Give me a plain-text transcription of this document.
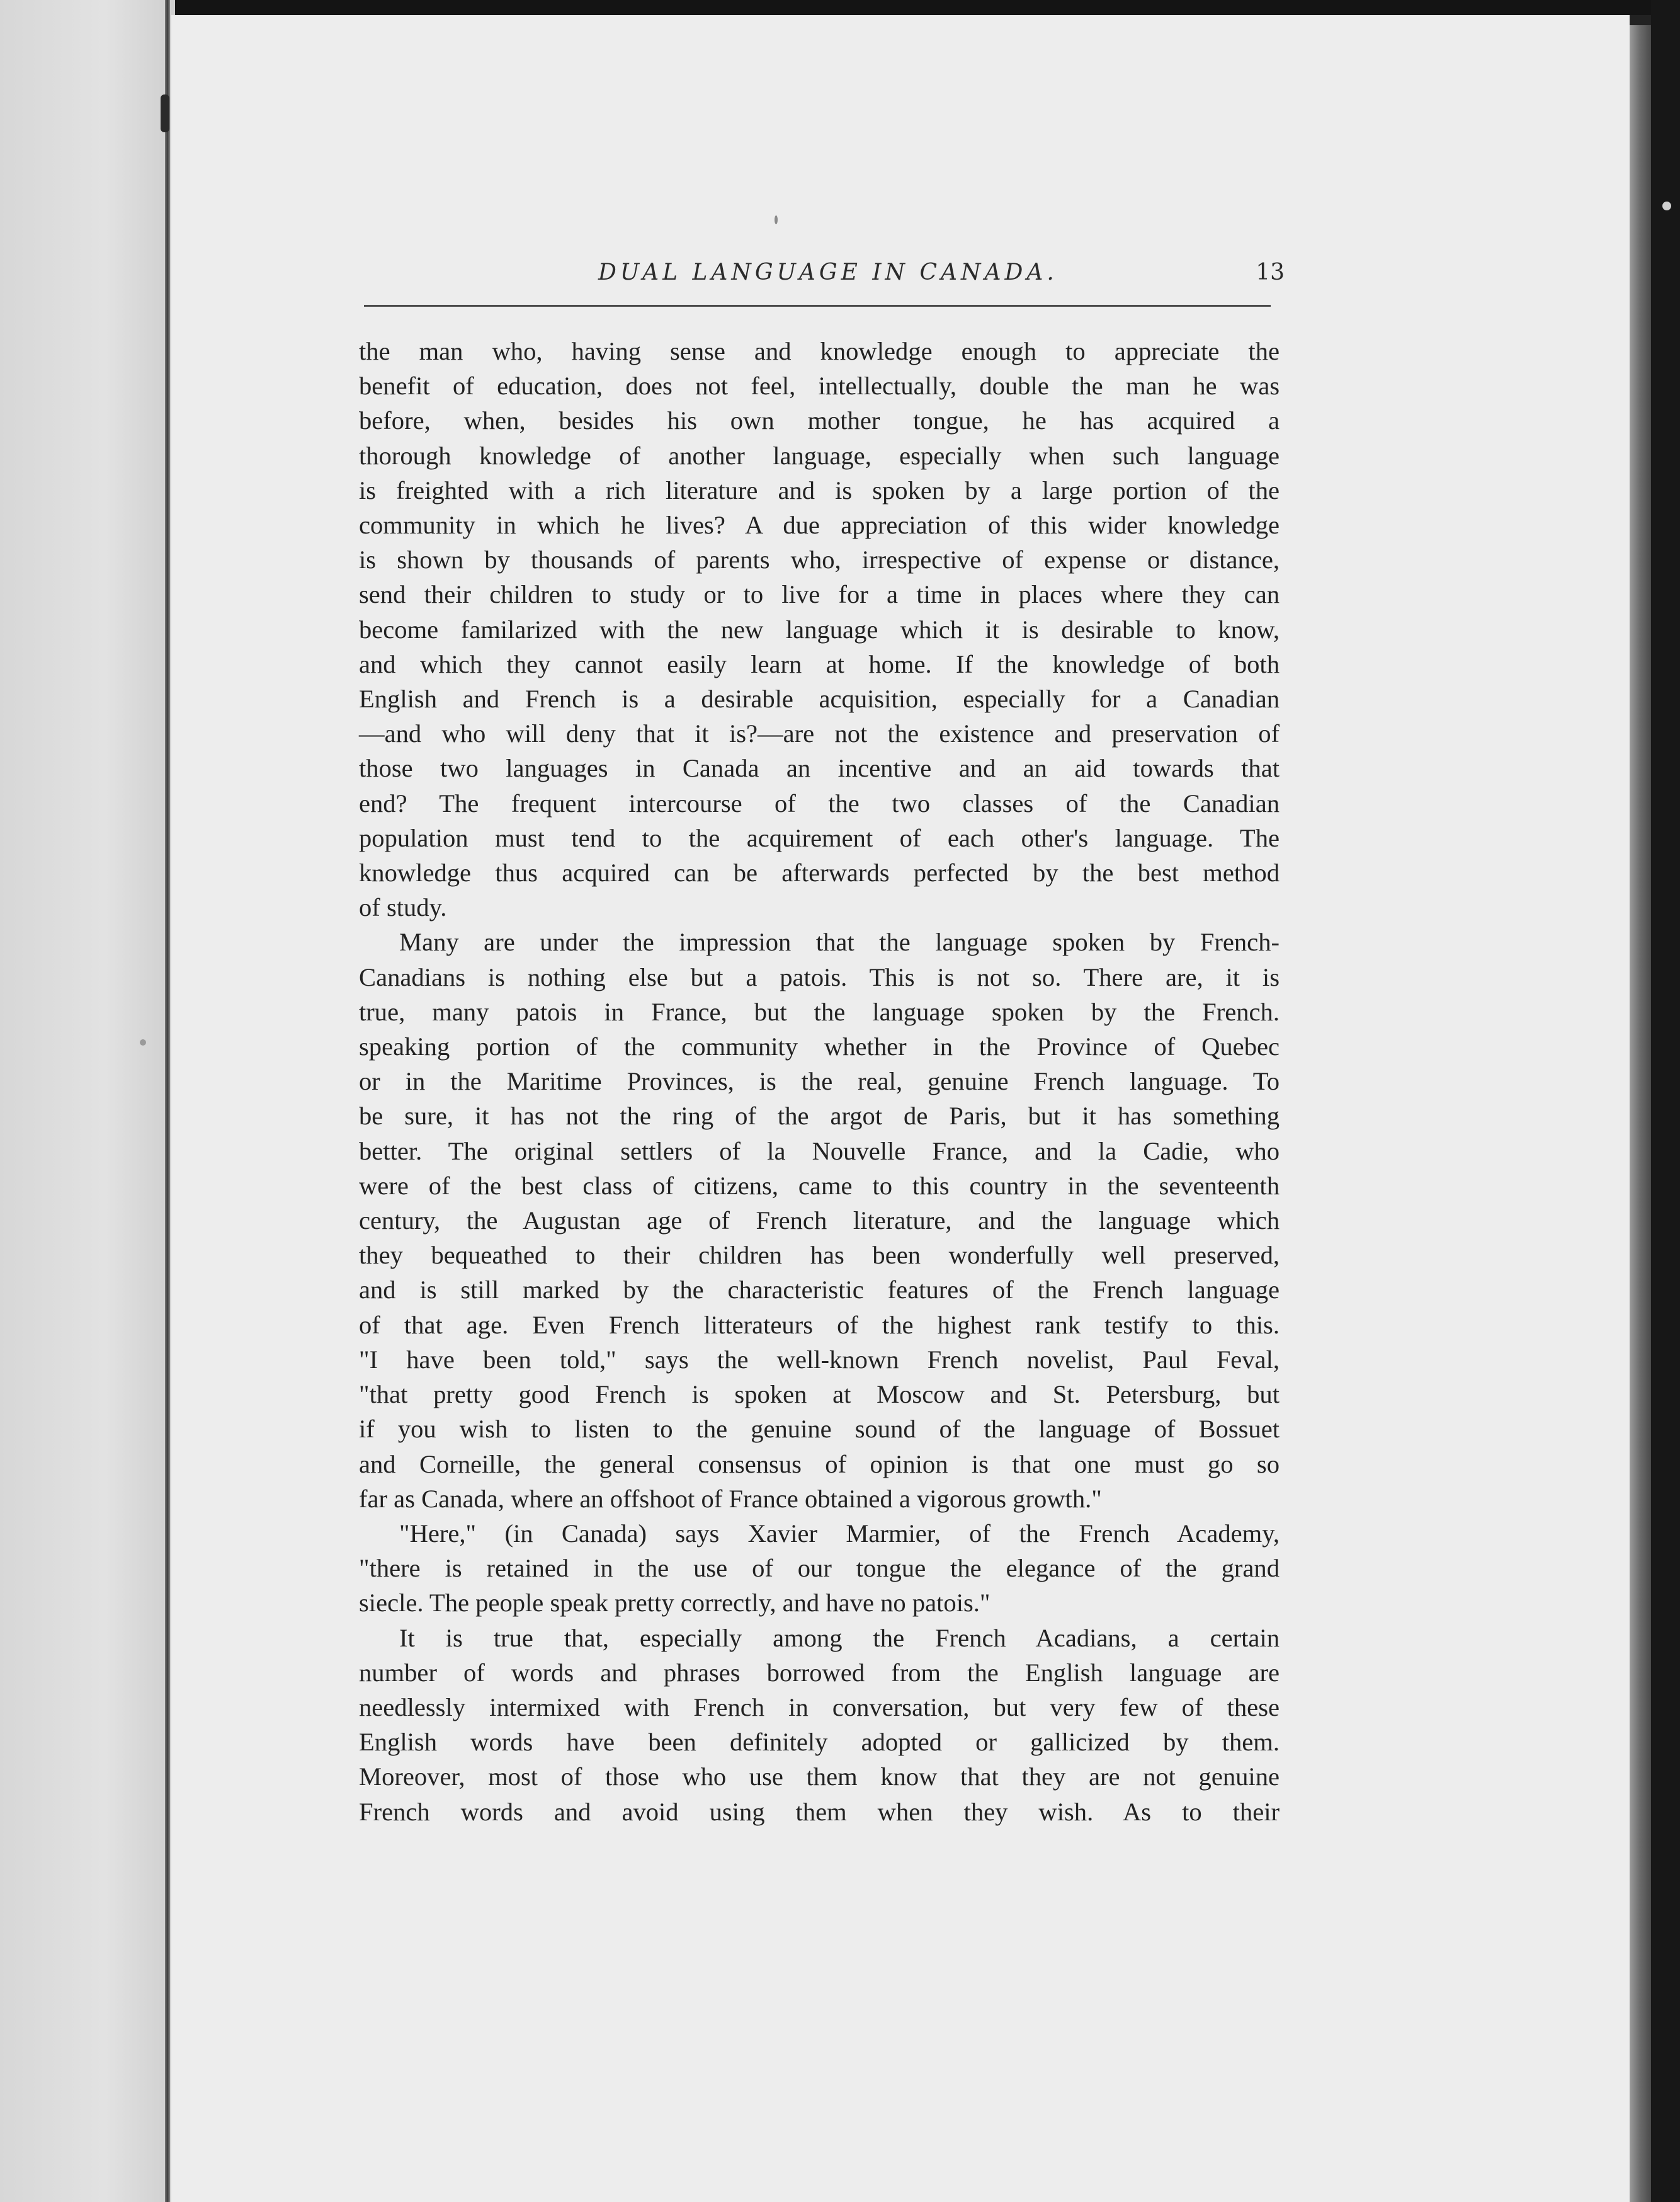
DUAL LANGUAGE IN CANADA.	13
the man who, having sense and knowledge enough to appreciate the
benefit of education, does not feel, intellectually, double the man he was
before, when, besides his own mother tongue, he has acquired a
thorough knowledge of another language, especially when such language
is freighted with a rich literature and is spoken by a large portion of the
community in which he lives? A due appreciation of this wider knowledge
is shown by thousands of parents who, irrespective of expense or distance,
send their children to study or to live for a time in places where they can
become familarized with the new language which it is desirable to know,
and which they cannot easily learn at home. If the knowledge of both
English and French is a desirable acquisition, especially for a Canadian
—and who will deny that it is?—are not the existence and preservation of
those two languages in Canada an incentive and an aid towards that
end? The frequent intercourse of the two classes of the Canadian
population must tend to the acquirement of each other's language. The
knowledge thus acquired can be afterwards perfected by the best method
of study.
Many are under the impression that the language spoken by French-
Canadians is nothing else but a patois. This is not so. There are, it is
true, many patois in France, but the language spoken by the French.
speaking portion of the community whether in the Province of Quebec
or in the Maritime Provinces, is the real, genuine French language. To
be sure, it has not the ring of the argot de Paris, but it has something
better. The original settlers of la Nouvelle France, and la Cadie, who
were of the best class of citizens, came to this country in the seventeenth
century, the Augustan age of French literature, and the language which
they bequeathed to their children has been wonderfully well preserved,
and is still marked by the characteristic features of the French language
of that age. Even French litterateurs of the highest rank testify to this.
"I have been told," says the well-known French novelist, Paul Feval,
"that pretty good French is spoken at Moscow and St. Petersburg, but
if you wish to listen to the genuine sound of the language of Bossuet
and Corneille, the general consensus of opinion is that one must go so
far as Canada, where an offshoot of France obtained a vigorous growth."
"Here," (in Canada) says Xavier Marmier, of the French Academy,
"there is retained in the use of our tongue the elegance of the grand
siecle. The people speak pretty correctly, and have no patois."
It is true that, especially among the French Acadians, a certain
number of words and phrases borrowed from the English language are
needlessly intermixed with French in conversation, but very few of these
English words have been definitely adopted or gallicized by them.
Moreover, most of those who use them know that they are not genuine
French words and avoid using them when they wish. As to their
